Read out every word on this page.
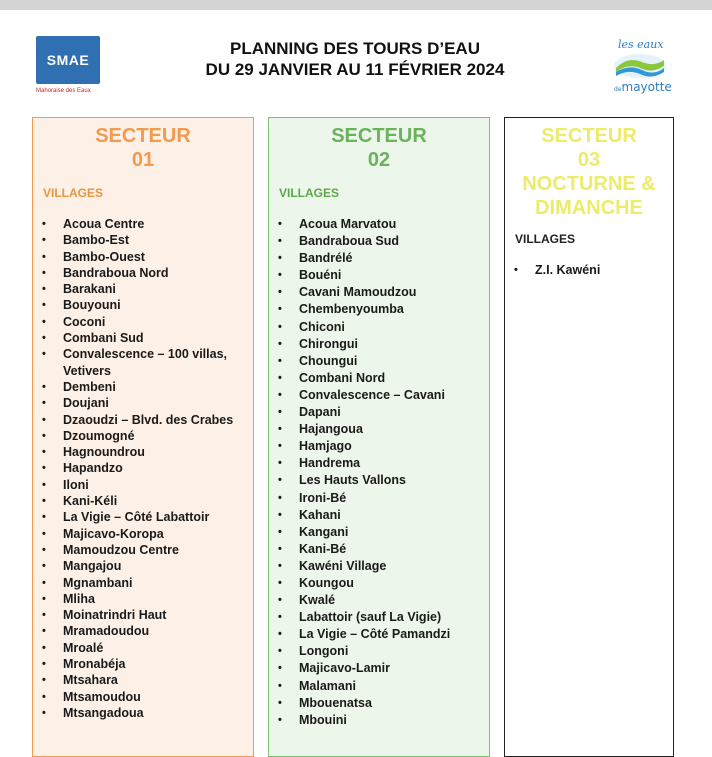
SMAE
Mahoraise des Eaux
PLANNING DES TOURS D’EAU
DU 29 JANVIER AU 11 FÉVRIER 2024
les eaux
demayotte
SECTEUR
01
VILLAGES
• Acoua Centre
• Bambo-Est
• Bambo-Ouest
• Bandraboua Nord
• Barakani
• Bouyouni
• Coconi
• Combani Sud
• Convalescence – 100 villas, Vetivers
• Dembeni
• Doujani
• Dzaoudzi – Blvd. des Crabes
• Dzoumogné
• Hagnoundrou
• Hapandzo
• Iloni
• Kani-Kéli
• La Vigie – Côté Labattoir
• Majicavo-Koropa
• Mamoudzou Centre
• Mangajou
• Mgnambani
• Mliha
• Moinatrindri Haut
• Mramadoudou
• Mroalé
• Mronabéja
• Mtsahara
• Mtsamoudou
• Mtsangadoua
SECTEUR
02
VILLAGES
• Acoua Marvatou
• Bandraboua Sud
• Bandrélé
• Bouéni
• Cavani Mamoudzou
• Chembenyoumba
• Chiconi
• Chirongui
• Choungui
• Combani Nord
• Convalescence – Cavani
• Dapani
• Hajangoua
• Hamjago
• Handrema
• Les Hauts Vallons
• Ironi-Bé
• Kahani
• Kangani
• Kani-Bé
• Kawéni Village
• Koungou
• Kwalé
• Labattoir (sauf La Vigie)
• La Vigie – Côté Pamandzi
• Longoni
• Majicavo-Lamir
• Malamani
• Mbouenatsa
• Mbouini
SECTEUR
03
NOCTURNE &
DIMANCHE
VILLAGES
• Z.I. Kawéni
